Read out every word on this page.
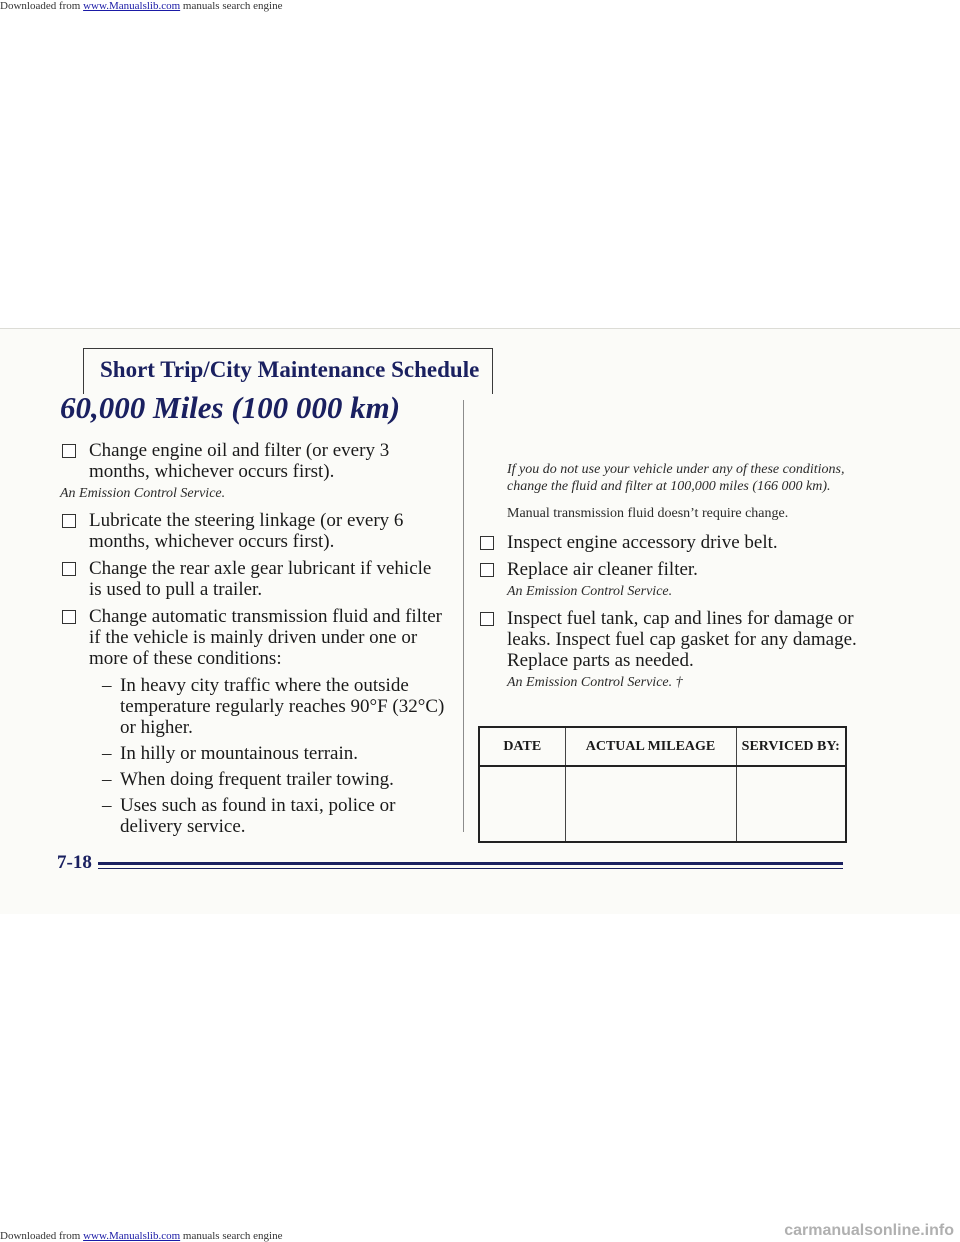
Downloaded from www.Manualslib.com manuals search engine
Short Trip/City Maintenance Schedule
60,000 Miles (100 000 km)
Change engine oil and filter (or every 3 months, whichever occurs first).
An Emission Control Service.
Lubricate the steering linkage (or every 6 months, whichever occurs first).
Change the rear axle gear lubricant if vehicle is used to pull a trailer.
Change automatic transmission fluid and filter if the vehicle is mainly driven under one or more of these conditions:
– In heavy city traffic where the outside temperature regularly reaches 90°F (32°C) or higher.
– In hilly or mountainous terrain.
– When doing frequent trailer towing.
– Uses such as found in taxi, police or delivery service.
If you do not use your vehicle under any of these conditions, change the fluid and filter at 100,000 miles (166 000 km).
Manual transmission fluid doesn’t require change.
Inspect engine accessory drive belt.
Replace air cleaner filter.
An Emission Control Service.
Inspect fuel tank, cap and lines for damage or leaks. Inspect fuel cap gasket for any damage. Replace parts as needed.
An Emission Control Service. †
DATE	ACTUAL MILEAGE	SERVICED BY:

7-18
Downloaded from www.Manualslib.com manuals search engine	carmanualsonline.info
